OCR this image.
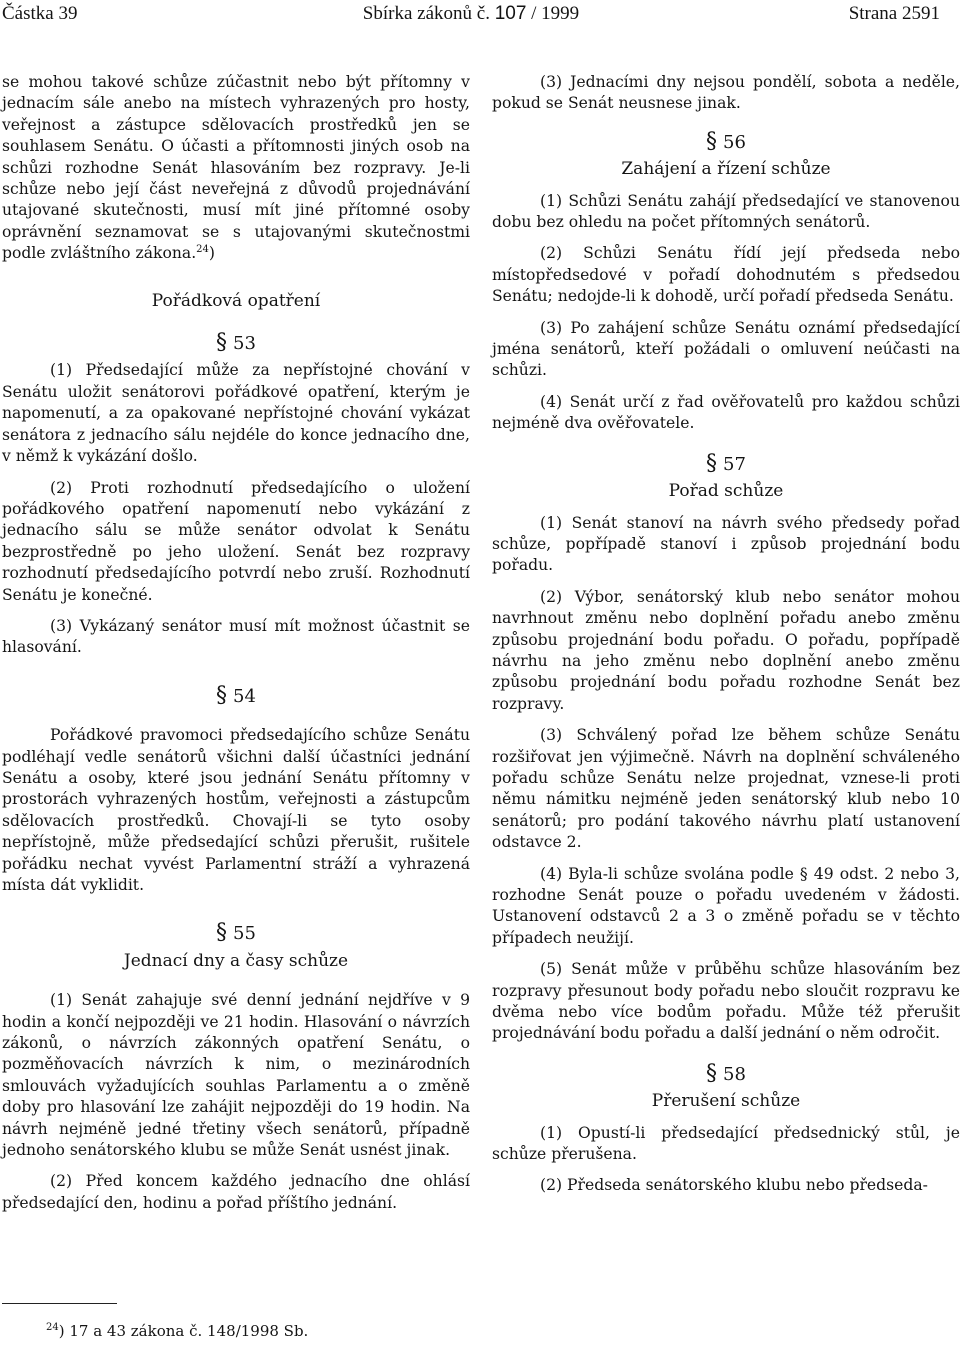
Částka 39	Sbírka zákonů č. 107 / 1999	Strana 2591

se mohou takové schůze zúčastnit nebo být přítomny v jednacím sále anebo na místech vyhrazených pro hosty, veřejnost a zástupce sdělovacích prostředků jen se souhlasem Senátu. O účasti a přítomnosti jiných osob na schůzi rozhodne Senát hlasováním bez rozpravy. Je-li schůze nebo její část neveřejná z důvodů projednávání utajované skutečnosti, musí mít jiné přítomné osoby oprávnění seznamovat se s utajovanými skutečnostmi podle zvláštního zákona.$^{24}$)

Pořádková opatření
§ 53

(1) Předsedající může za nepřístojné chování v Senátu uložit senátorovi pořádkové opatření, kterým je napomenutí, a za opakované nepřístojné chování vykázat senátora z jednacího sálu nejdéle do konce jednacího dne, v němž k vykázání došlo.

(2) Proti rozhodnutí předsedajícího o uložení pořádkového opatření napomenutí nebo vykázání z jednacího sálu se může senátor odvolat k Senátu bezprostředně po jeho uložení. Senát bez rozpravy rozhodnutí předsedajícího potvrdí nebo zruší. Rozhodnutí Senátu je konečné.

(3) Vykázaný senátor musí mít možnost účastnit se hlasování.

§ 54

Pořádkové pravomoci předsedajícího schůze Senátu podléhají vedle senátorů všichni další účastníci jednání Senátu a osoby, které jsou jednání Senátu přítomny v prostorách vyhrazených hostům, veřejnosti a zástupcům sdělovacích prostředků. Chovají-li se tyto osoby nepřístojně, může předsedající schůzi přerušit, rušitele pořádku nechat vyvést Parlamentní stráží a vyhrazená místa dát vyklidit.

§ 55
Jednací dny a časy schůze

(1) Senát zahajuje své denní jednání nejdříve v 9 hodin a končí nejpozději ve 21 hodin. Hlasování o návrzích zákonů, o návrzích zákonných opatření Senátu, o pozměňovacích návrzích k nim, o mezinárodních smlouvách vyžadujících souhlas Parlamentu a o změně doby pro hlasování lze zahájit nejpozději do 19 hodin. Na návrh nejméně jedné třetiny všech senátorů, případně jednoho senátorského klubu se může Senát usnést jinak.

(2) Před koncem každého jednacího dne ohlásí předsedající den, hodinu a pořad příštího jednání.

(3) Jednacími dny nejsou pondělí, sobota a neděle, pokud se Senát neusnese jinak.

§ 56
Zahájení a řízení schůze

(1) Schůzi Senátu zahájí předsedající ve stanovenou dobu bez ohledu na počet přítomných senátorů.

(2) Schůzi Senátu řídí její předseda nebo místopředsedové v pořadí dohodnutém s předsedou Senátu; nedojde-li k dohodě, určí pořadí předseda Senátu.

(3) Po zahájení schůze Senátu oznámí předsedající jména senátorů, kteří požádali o omluvení neúčasti na schůzi.

(4) Senát určí z řad ověřovatelů pro každou schůzi nejméně dva ověřovatele.

§ 57
Pořad schůze

(1) Senát stanoví na návrh svého předsedy pořad schůze, popřípadě stanoví i způsob projednání bodu pořadu.

(2) Výbor, senátorský klub nebo senátor mohou navrhnout změnu nebo doplnění pořadu anebo změnu způsobu projednání bodu pořadu. O pořadu, popřípadě návrhu na jeho změnu nebo doplnění anebo změnu způsobu projednání bodu pořadu rozhodne Senát bez rozpravy.

(3) Schválený pořad lze během schůze Senátu rozšiřovat jen výjimečně. Návrh na doplnění schváleného pořadu schůze Senátu nelze projednat, vznese-li proti němu námitku nejméně jeden senátorský klub nebo 10 senátorů; pro podání takového návrhu platí ustanovení odstavce 2.

(4) Byla-li schůze svolána podle § 49 odst. 2 nebo 3, rozhodne Senát pouze o pořadu uvedeném v žádosti. Ustanovení odstavců 2 a 3 o změně pořadu se v těchto případech neužijí.

(5) Senát může v průběhu schůze hlasováním bez rozpravy přesunout body pořadu nebo sloučit rozpravu ke dvěma nebo více bodům pořadu. Může též přerušit projednávání bodu pořadu a další jednání o něm odročit.

§ 58
Přerušení schůze

(1) Opustí-li předsedající předsednický stůl, je schůze přerušena.

(2) Předseda senátorského klubu nebo předseda-

$^{24}$) 17 a 43 zákona č. 148/1998 Sb.
